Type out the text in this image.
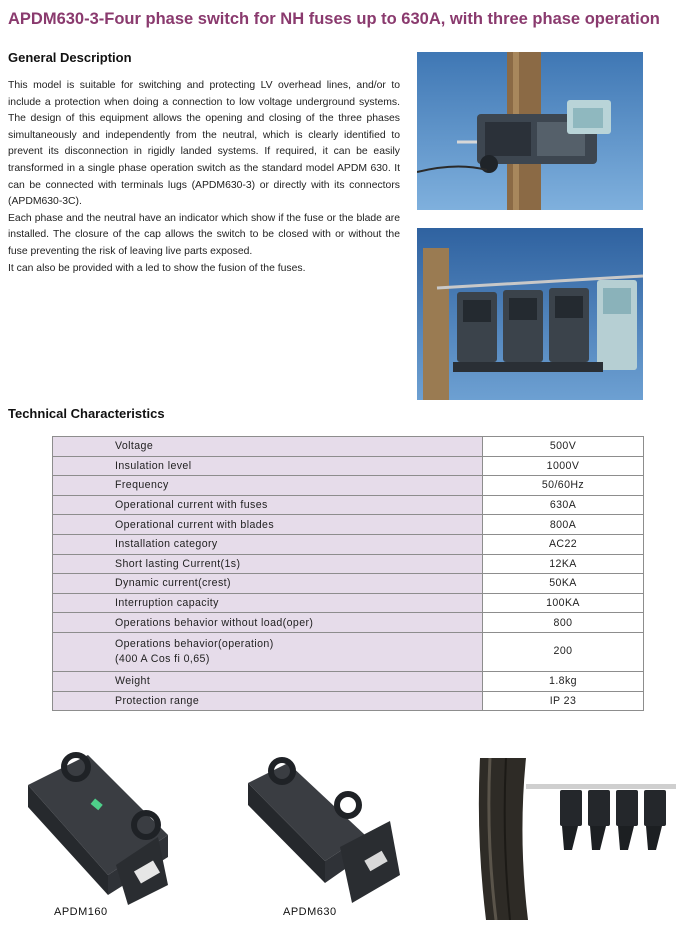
APDM630-3-Four phase switch for NH fuses up to 630A, with three phase operation
General Description

This model is suitable for switching and protecting LV overhead lines, and/or to include a protection when doing a connection to low voltage underground systems. The design of this equipment allows the opening and closing of the three phases simultaneously and independently from the neutral, which is clearly identified to prevent its disconnection in rigidly landed systems. If required, it can be easily transformed in a single phase operation switch as the standard model APDM 630. It can be connected with terminals lugs (APDM630-3) or directly with its connectors (APDM630-3C).

Each phase and the neutral have an indicator which show if the fuse or the blade are installed. The closure of the cap allows the switch to be closed with or without the fuse preventing the risk of leaving live parts exposed.

It can also be provided with a led to show the fusion of the fuses.

Technical Characteristics
Voltage	500V
Insulation level	1000V
Frequency	50/60Hz
Operational current with fuses	630A
Operational current with blades	800A
Installation category	AC22
Short lasting Current(1s)	12KA
Dynamic current(crest)	50KA
Interruption capacity	100KA
Operations behavior without load(oper)	800
Operations behavior(operation)
(400 A Cos fi 0,65)	200
Weight	1.8kg
Protection range	IP 23
APDM160	APDM630
